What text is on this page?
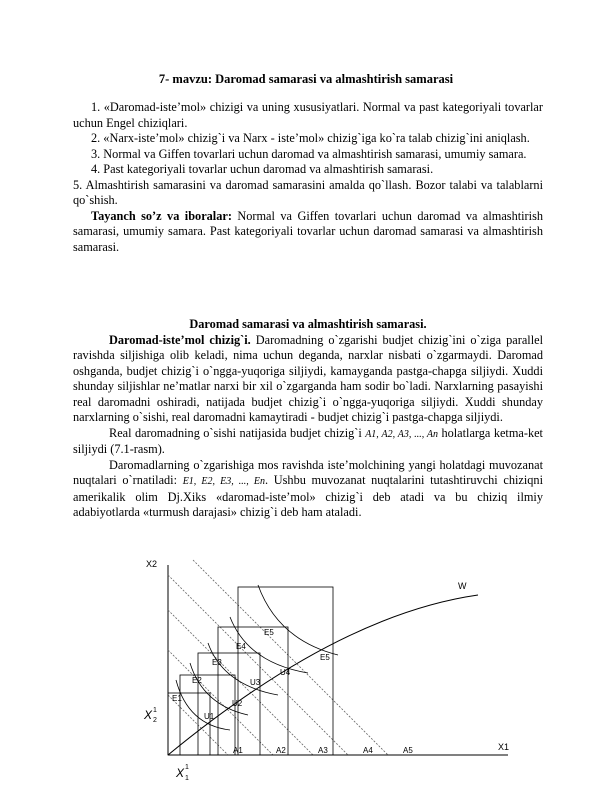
7- mavzu: Daromad samarasi va almashtirish samarasi

1. «Daromad-iste’mol» chizigi va uning xususiyatlari. Normal va past kategoriyali tovarlar uchun Engel chiziqlari.

2. «Narx-iste’mol» chizig`i va Narx - iste’mol» chizig`iga ko`ra talab chizig`ini aniqlash.

3. Normal va Giffen tovarlari uchun daromad va almashtirish samarasi, umumiy samara.

4. Past kategoriyali tovarlar uchun daromad va almashtirish samarasi.

5. Almashtirish samarasini va daromad samarasini amalda qo`llash. Bozor talabi va talablarni qo`shish.

Tayanch so’z va iboralar: Normal va Giffen tovarlari uchun daromad va almashtirish samarasi, umumiy samara. Past kategoriyali tovarlar uchun daromad samarasi va almashtirish samarasi.

Daromad samarasi va almashtirish samarasi.

Daromad-iste’mol chizig`i. Daromadning o`zgarishi budjet chizig`ini o`ziga parallel ravishda siljishiga olib keladi, nima uchun deganda, narxlar nisbati o`zgarmaydi. Daromad oshganda, budjet chizig`i o`ngga-yuqoriga siljiydi, kamayganda pastga-chapga siljiydi. Xuddi shunday siljishlar ne’matlar narxi bir xil o`zgarganda ham sodir bo`ladi. Narxlarning pasayishi real daromadni oshiradi, natijada budjet chizig`i o`ngga-yuqoriga siljiydi. Xuddi shunday narxlarning o`sishi, real daromadni kamaytiradi - budjet chizig`i pastga-chapga siljiydi.

Real daromadning o`sishi natijasida budjet chizig`i A1, A2, A3, ..., An holatlarga ketma-ket siljiydi (7.1-rasm).

Daromadlarning o`zgarishiga mos ravishda iste’molchining yangi holatdagi muvozanat nuqtalari o`rnatiladi: E1, E2, E3, ..., En. Ushbu muvozanat nuqtalarini tutashtiruvchi chiziqni amerikalik olim Dj.Xiks «daromad-iste’mol» chizig`i deb atadi va bu chiziq ilmiy adabiyotlarda «turmush darajasi» chizig`i deb ham ataladi.

X2
X1
W
A1	A2	A3	A4	A5
E1
E2
E3
E4
E5
E5
U1
U2
U3
U4
X 1
2
X 1
1
